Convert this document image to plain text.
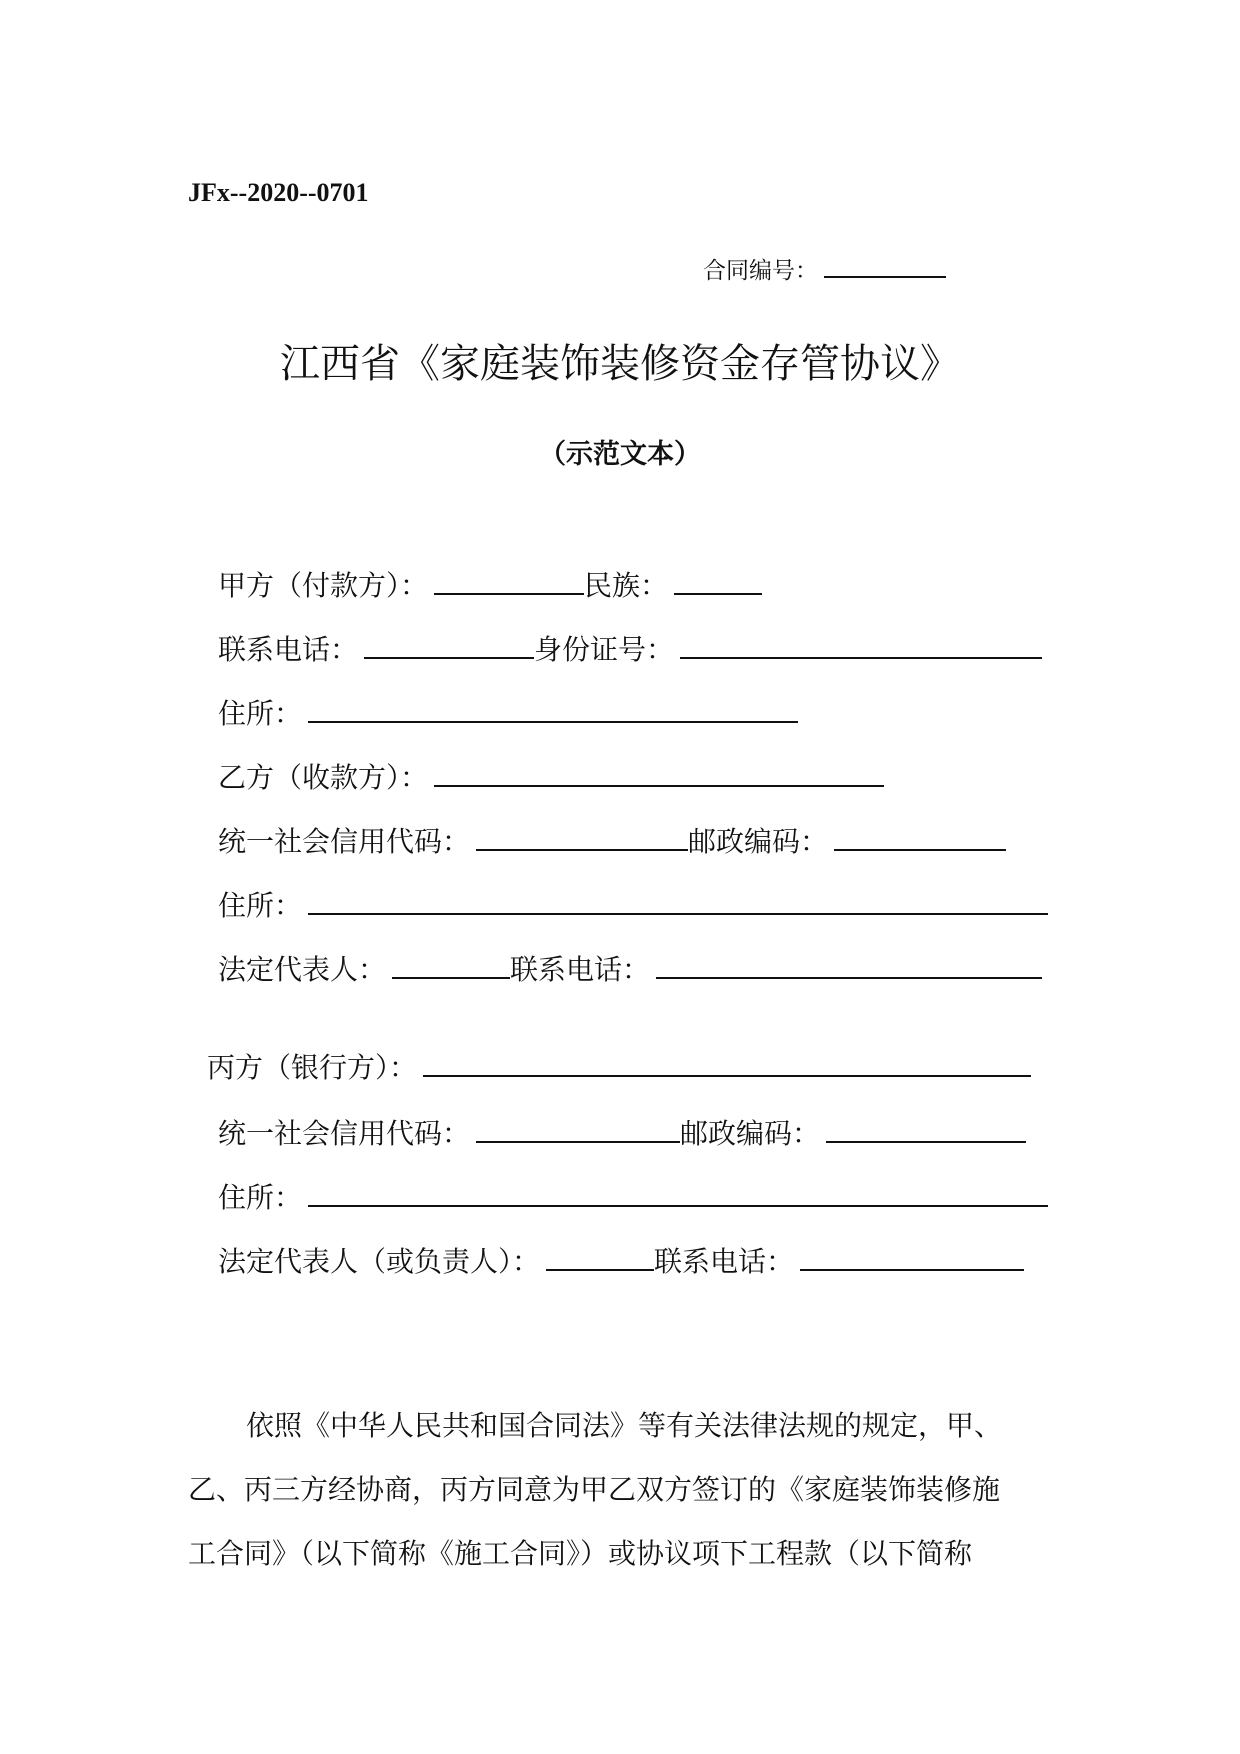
JFx--2020--0701
合同编号：
江西省《家庭装饰装修资金存管协议》
（示范文本）
甲方（付款方）：	民族：
联系电话：	身份证号：
住所：
乙方（收款方）：
统一社会信用代码：	邮政编码：
住所：
法定代表人：	联系电话：
丙方（银行方）：
统一社会信用代码：	邮政编码：
住所：
法定代表人（或负责人）：	联系电话：
依照《中华人民共和国合同法》等有关法律法规的规定，甲、
乙、丙三方经协商，丙方同意为甲乙双方签订的《家庭装饰装修施
工合同》（以下简称《施工合同》）或协议项下工程款（以下简称
